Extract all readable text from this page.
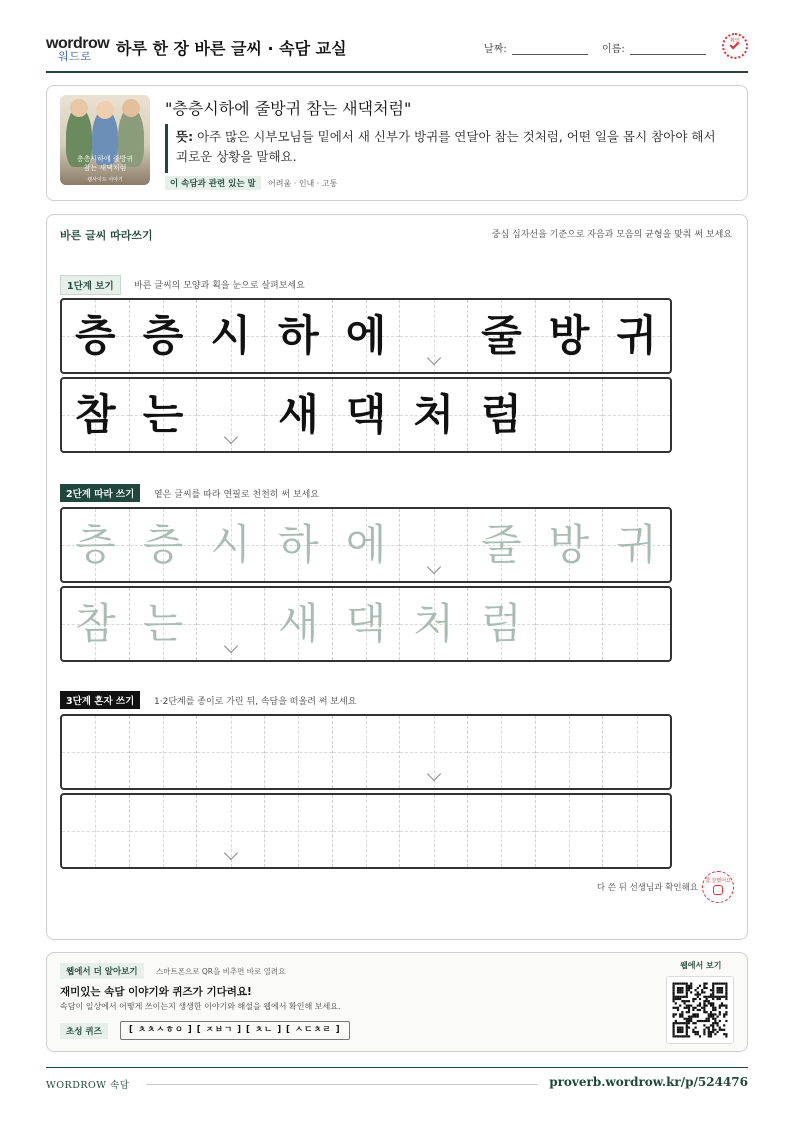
wordrow
워드로 하루 한 장 바른 글씨 · 속담 교실	날짜:	이름:
확인
층층시하에 줄방귀
참는 새댁처럼
웹사이트 이야기
"층층시하에 줄방귀 참는 새댁처럼"
뜻: 아주 많은 시부모님들 밑에서 새 신부가 방귀를 연달아 참는 것처럼, 어떤 일을 몹시 참아야 해서 괴로운 상황을 말해요.
이 속담과 관련 있는 말	어려움 · 인내 · 고통
바른 글씨 따라쓰기	중심 십자선을 기준으로 자음과 모음의 균형을 맞춰 써 보세요
1단계 보기	바른 글씨의 모양과 획을 눈으로 살펴보세요
층 층 시 하 에 줄 방 귀
참 는 새 댁 처 럼
2단계 따라 쓰기	옅은 글씨를 따라 연필로 천천히 써 보세요
층 층 시 하 에 줄 방 귀
참 는 새 댁 처 럼
3단계 혼자 쓰기	1·2단계를 종이로 가린 뒤, 속담을 떠올려 써 보세요
다 쓴 뒤 선생님과 확인해요
참 잘했어요
웹에서 더 알아보기	스마트폰으로 QR을 비추면 바로 열려요
재미있는 속담 이야기와 퀴즈가 기다려요!
속담이 일상에서 어떻게 쓰이는지 생생한 이야기와 해설을 웹에서 확인해 보세요.
초성 퀴즈	[ ㅊㅊㅅㅎㅇ ] [ ㅈㅂㄱ ] [ ㅊㄴ ] [ ㅅㄷㅊㄹ ]
웹에서 보기
WORDROW 속담	proverb.wordrow.kr/p/524476
